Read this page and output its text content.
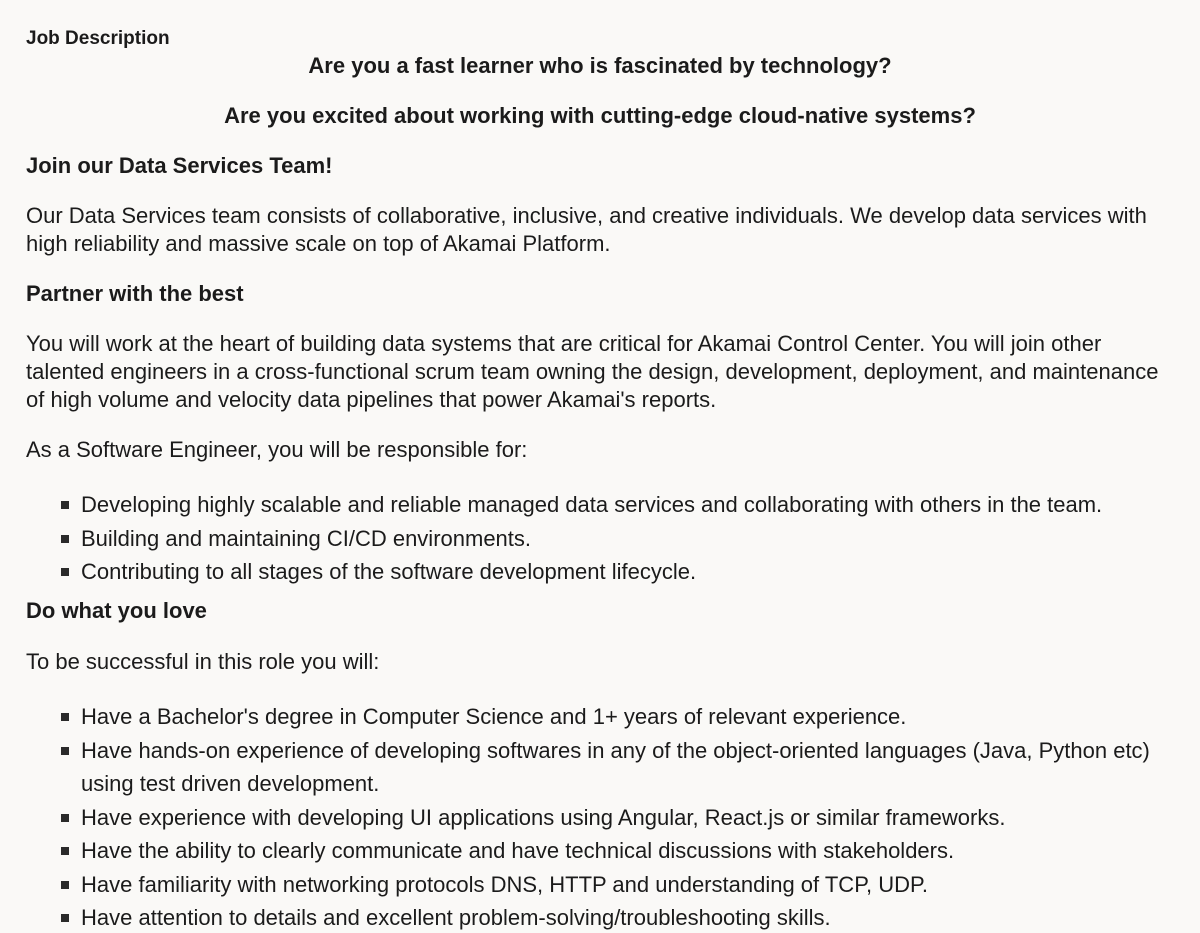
Job Description
Are you a fast learner who is fascinated by technology?
Are you excited about working with cutting-edge cloud-native systems?
Join our Data Services Team!
Our Data Services team consists of collaborative, inclusive, and creative individuals. We develop data services with high reliability and massive scale on top of Akamai Platform.
Partner with the best
You will work at the heart of building data systems that are critical for Akamai Control Center. You will join other talented engineers in a cross-functional scrum team owning the design, development, deployment, and maintenance of high volume and velocity data pipelines that power Akamai's reports.
As a Software Engineer, you will be responsible for:
Developing highly scalable and reliable managed data services and collaborating with others in the team.
Building and maintaining CI/CD environments.
Contributing to all stages of the software development lifecycle.
Do what you love
To be successful in this role you will:
Have a Bachelor's degree in Computer Science and 1+ years of relevant experience.
Have hands-on experience of developing softwares in any of the object-oriented languages (Java, Python etc) using test driven development.
Have experience with developing UI applications using Angular, React.js or similar frameworks.
Have the ability to clearly communicate and have technical discussions with stakeholders.
Have familiarity with networking protocols DNS, HTTP and understanding of TCP, UDP.
Have attention to details and excellent problem-solving/troubleshooting skills.
